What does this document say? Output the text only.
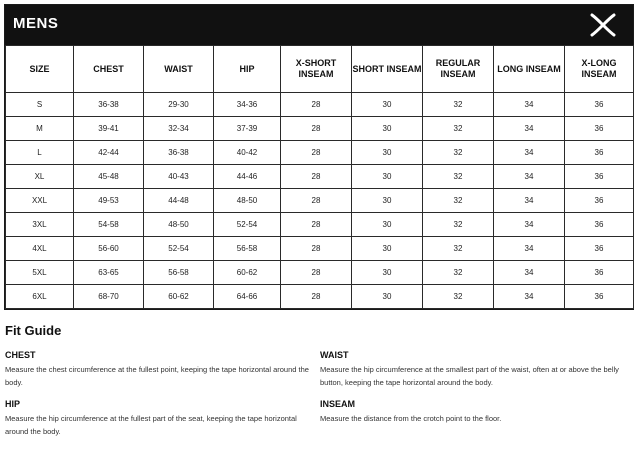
MENS
SIZE	CHEST	WAIST	HIP	X-SHORT INSEAM	SHORT INSEAM	REGULAR INSEAM	LONG INSEAM	X-LONG INSEAM
S	36-38	29-30	34-36	28	30	32	34	36
M	39-41	32-34	37-39	28	30	32	34	36
L	42-44	36-38	40-42	28	30	32	34	36
XL	45-48	40-43	44-46	28	30	32	34	36
XXL	49-53	44-48	48-50	28	30	32	34	36
3XL	54-58	48-50	52-54	28	30	32	34	36
4XL	56-60	52-54	56-58	28	30	32	34	36
5XL	63-65	56-58	60-62	28	30	32	34	36
6XL	68-70	60-62	64-66	28	30	32	34	36
Fit Guide
CHEST
Measure the chest circumference at the fullest point, keeping the tape horizontal around the body.
WAIST
Measure the hip circumference at the smallest part of the waist, often at or above the belly button, keeping the tape horizontal around the body.
HIP
Measure the hip circumference at the fullest part of the seat, keeping the tape horizontal around the body.
INSEAM
Measure the distance from the crotch point to the floor.
